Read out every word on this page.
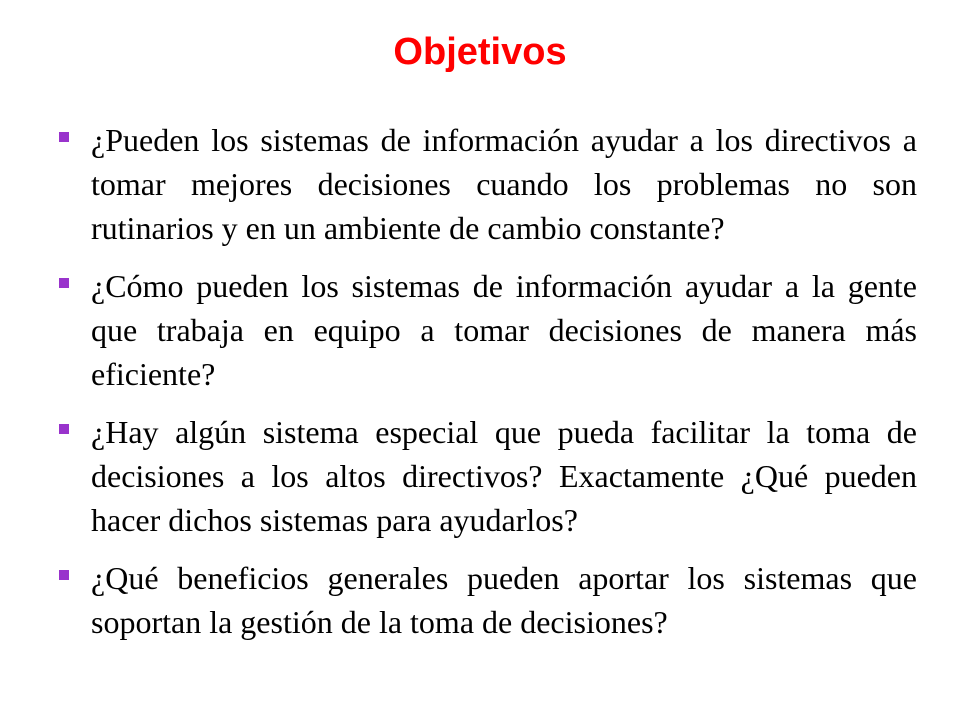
Objetivos
¿Pueden los sistemas de información ayudar a los directivos a tomar mejores decisiones cuando los problemas no son rutinarios y en un ambiente de cambio constante?
¿Cómo pueden los sistemas de información ayudar a la gente que trabaja en equipo a tomar decisiones de manera más eficiente?
¿Hay algún sistema especial que pueda facilitar la toma de decisiones a los altos directivos? Exactamente ¿Qué pueden hacer dichos sistemas para ayudarlos?
¿Qué beneficios generales pueden aportar los sistemas que soportan la gestión de la toma de decisiones?
